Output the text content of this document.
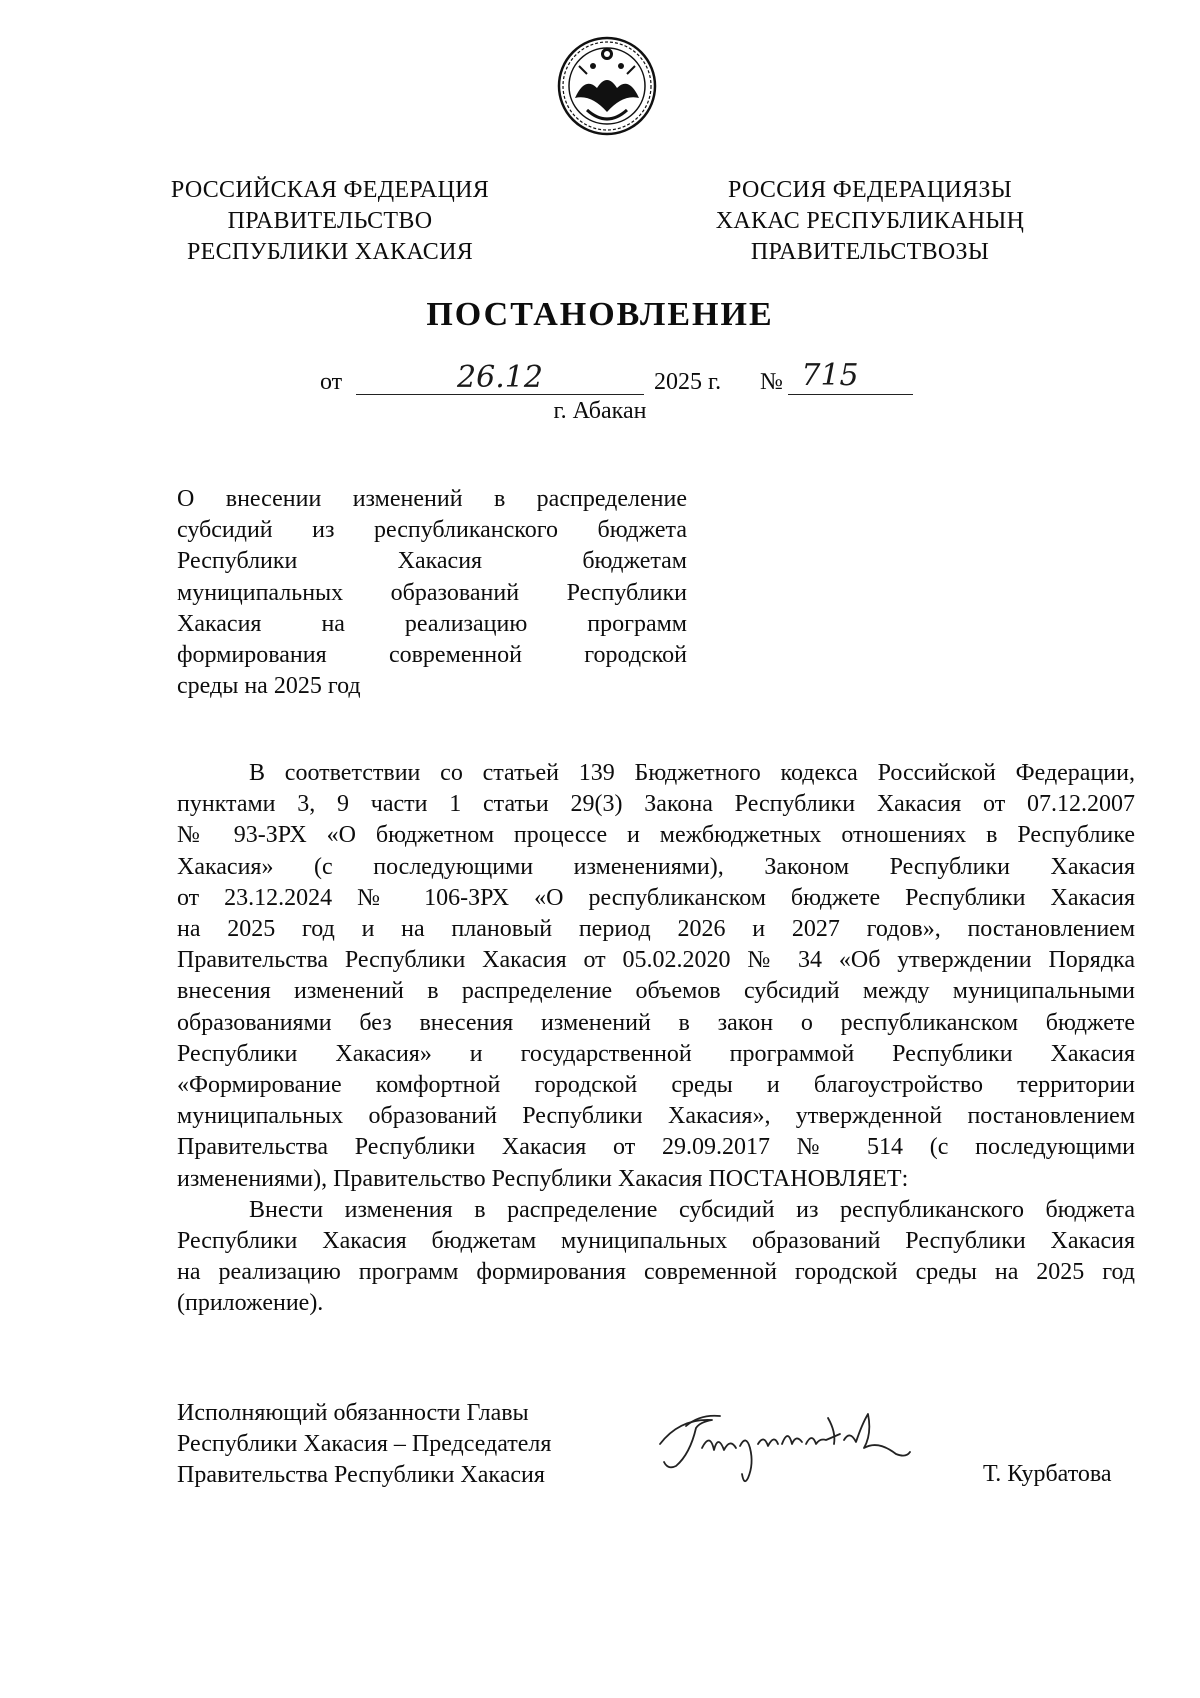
РОССИЙСКАЯ ФЕДЕРАЦИЯ
ПРАВИТЕЛЬСТВО
РЕСПУБЛИКИ ХАКАСИЯ
РОССИЯ ФЕДЕРАЦИЯЗЫ
ХАКАС РЕСПУБЛИКАНЫҢ
ПРАВИТЕЛЬСТВОЗЫ
ПОСТАНОВЛЕНИЕ
от	26.12	2025 г. № 715
г. Абакан
О внесении изменений в распределение
субсидий из республиканского бюджета
Республики Хакасия бюджетам
муниципальных образований Республики
Хакасия на реализацию программ
формирования современной городской
среды на 2025 год

В соответствии со статьей 139 Бюджетного кодекса Российской Федерации,
пунктами 3, 9 части 1 статьи 29(3) Закона Республики Хакасия от 07.12.2007
№ 93-ЗРХ «О бюджетном процессе и межбюджетных отношениях в Республике
Хакасия» (с последующими изменениями), Законом Республики Хакасия
от 23.12.2024 № 106-ЗРХ «О республиканском бюджете Республики Хакасия
на 2025 год и на плановый период 2026 и 2027 годов», постановлением
Правительства Республики Хакасия от 05.02.2020 № 34 «Об утверждении Порядка
внесения изменений в распределение объемов субсидий между муниципальными
образованиями без внесения изменений в закон о республиканском бюджете
Республики Хакасия» и государственной программой Республики Хакасия
«Формирование комфортной городской среды и благоустройство территории
муниципальных образований Республики Хакасия», утвержденной постановлением
Правительства Республики Хакасия от 29.09.2017 № 514 (с последующими
изменениями), Правительство Республики Хакасия ПОСТАНОВЛЯЕТ:

Внести изменения в распределение субсидий из республиканского бюджета
Республики Хакасия бюджетам муниципальных образований Республики Хакасия
на реализацию программ формирования современной городской среды на 2025 год
(приложение).

Исполняющий обязанности Главы
Республики Хакасия – Председателя
Правительства Республики Хакасия	Т. Курбатова
